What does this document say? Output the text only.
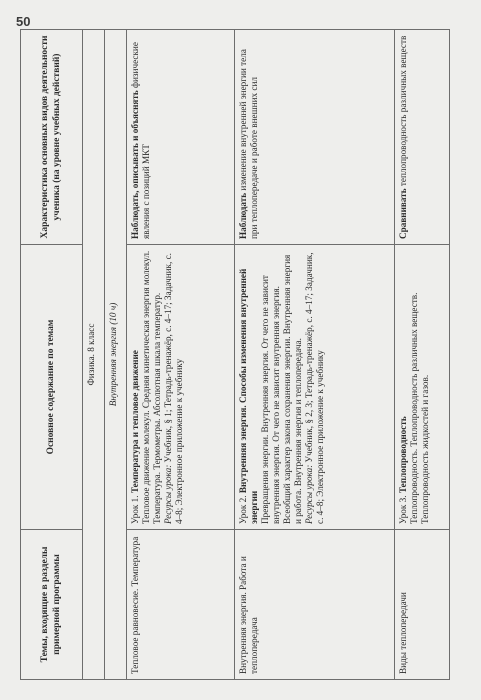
50
Темы, входящие в разделы примерной программы	Основное содержание по темам	Характеристика основных видов деятельности ученика (на уровне учебных действий)
Физика. 8 класс		
Внутренняя энергия (10 ч)		
Тепловое равновесие. Температура	Урок 1. Температура и тепловое движение Тепловое движение молекул. Средняя кинетическая энергия молекул. Температура. Термометры. Абсолютная шкала температур. Ресурсы урока: Учебник, § 1; Тетрадь-тренажёр, с. 4–17; Задачник, с. 4–8; Электронное приложение к учебнику	Наблюдать, описывать и объяснять физические явления с позиций МКТ
Внутренняя энергия. Работа и теплопередача	Урок 2. Внутренняя энергия. Способы изменения внутренней энергии Превращения энергии. Внутренняя энергия. От чего не зависит внутренняя энергия. От чего не зависит внутренняя энергия. Всеобщий характер закона сохранения энергии. Внутренняя энергия и работа. Внутренняя энергия и теплопередача. Ресурсы урока: Учебник, § 2, 3; Тетрадь-тренажёр, с. 4–17; Задачник, с. 4–8; Электронное приложение к учебнику	Наблюдать изменение внутренней энергии тела при теплопередаче и работе внешних сил
Виды теплопередачи	Урок 3. Теплопроводность Теплопроводность. Теплопроводность различных веществ. Теплопроводность жидкостей и газов.	Сравнивать теплопроводность различных веществ
